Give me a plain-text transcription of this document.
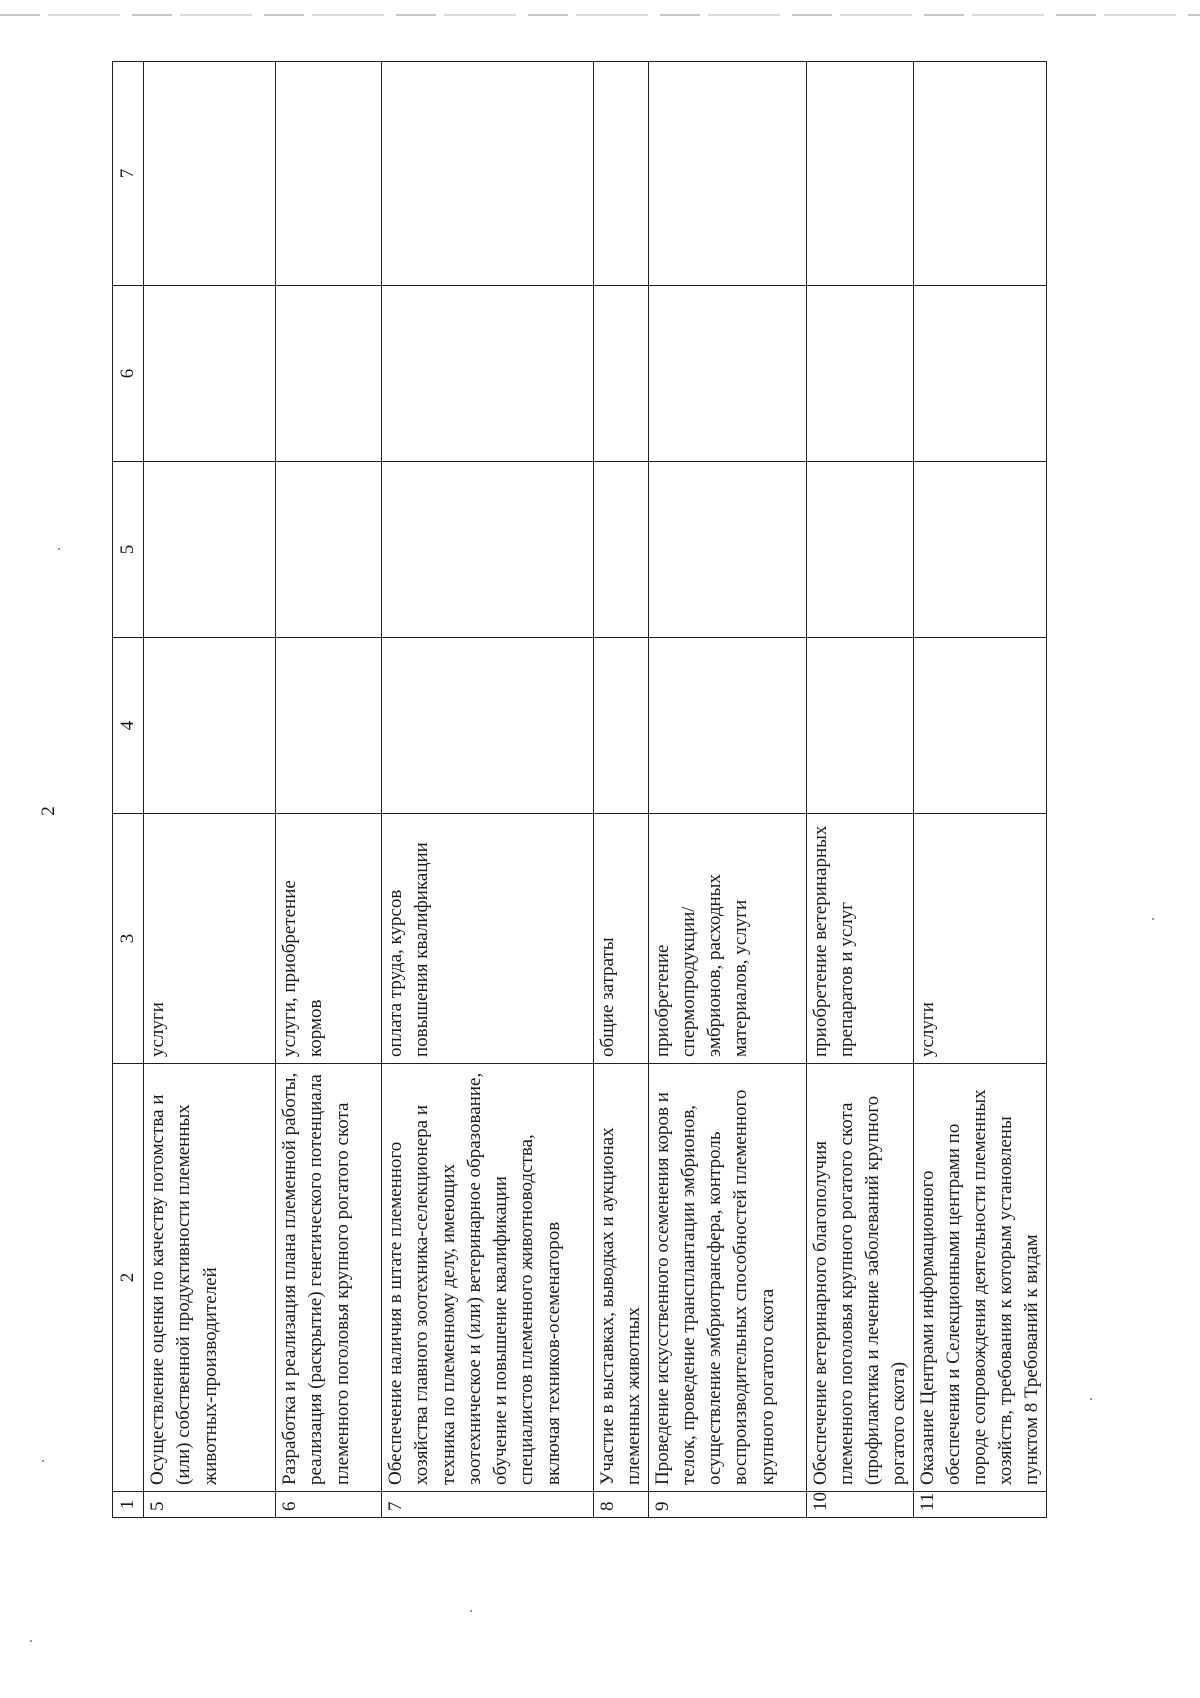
2
1	2	3	4	5	6	7
5	Осуществление оценки по качеству потомства и (или) собственной продуктивности племенных животных-производителей	услуги				
6	Разработка и реализация плана племенной работы, реализация (раскрытие) генетического потенциала племенного поголовья крупного рогатого скота	услуги, приобретение кормов				
7	Обеспечение наличия в штате племенного хозяйства главного зоотехника-селекционера и техника по племенному делу, имеющих зоотехническое и (или) ветеринарное образование, обучение и повышение квалификации специалистов племенного животноводства, включая техников-осеменаторов	оплата труда, курсов повышения квалификации				
8	Участие в выставках, выводках и аукционах племенных животных	общие затраты				
9	Проведение искусственного осеменения коров и телок, проведение трансплантации эмбрионов, осуществление эмбриотрансфера, контроль воспроизводительных способностей племенного крупного рогатого скота	приобретение спермопродукции/ эмбрионов, расходных материалов, услуги				
10	Обеспечение ветеринарного благополучия племенного поголовья крупного рогатого скота (профилактика и лечение заболеваний крупного рогатого скота)	приобретение ветеринарных препаратов и услуг				
11	Оказание Центрами информационного обеспечения и Селекционными центрами по породе сопровождения деятельности племенных хозяйств, требования к которым установлены пунктом 8 Требований к видам	услуги				
